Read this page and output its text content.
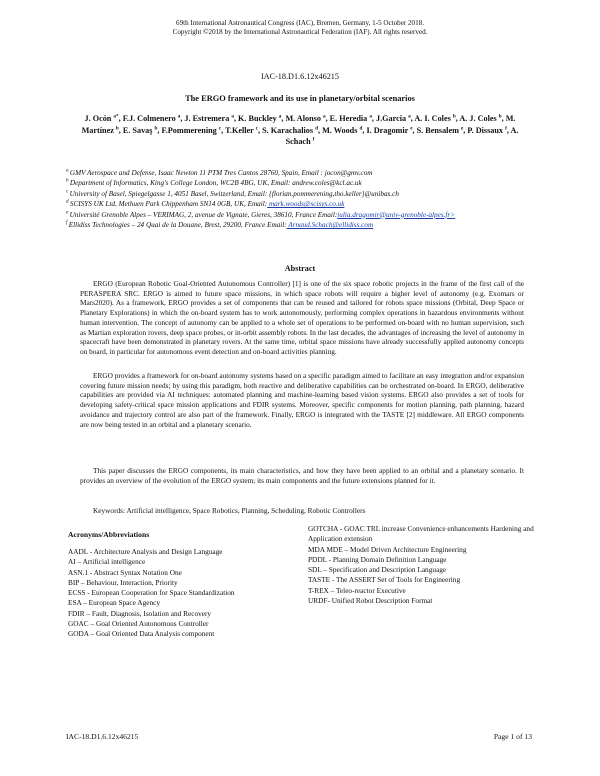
69th International Astronautical Congress (IAC), Bremen, Germany, 1-5 October 2018.
Copyright ©2018 by the International Astronautical Federation (IAF). All rights reserved.
IAC-18.D1.6.12x46215
The ERGO framework and its use in planetary/orbital scenarios
J. Ocón $^{a*}$, F.J. Colmenero $^a$, J. Estremera $^a$, K. Buckley $^a$, M. Alonso $^a$, E. Heredia $^a$, J.Garcia $^a$, A. I. Coles $^b$, A. J. Coles $^b$, M. Martínez $^b$, E. Savaş $^b$, F.Pommerening $^c$, T.Keller $^c$, S. Karachalios $^d$, M. Woods $^d$, I. Dragomir $^e$, S. Bensalem $^e$, P. Dissaux $^f$, A. Schach $^f$
$^a$ GMV Aerospace and Defense, Isaac Newton 11 PTM Tres Cantos 28760, Spain, Email : jocon@gmv.com
$^b$ Department of Informatics, King's College London, WC2B 4BG, UK, Email: andrew.coles@kcl.ac.uk
$^c$ University of Basel, Spiegelgasse 1, 4051 Basel, Switzerland, Email: {florian.pommerening,tho.keller}@unibas.ch
$^d$ SCISYS UK Ltd, Methuen Park Chippenham SN14 0GB, UK, Email: mark.woods@scisys.co.uk
$^e$ Université Grenoble Alpes – VERIMAG, 2, avenue de Vignate, Gieres, 38610, France Email:iulia.dragomir@univ-grenoble-alpes.fr>
$^f$ Ellidiss Technologies – 24 Quai de la Douane, Brest, 29200, France Email: Arnaud.Schach@ellidiss.com
Abstract

ERGO (European Robotic Goal-Oriented Autonomous Controller) [1] is one of the six space robotic projects in the frame of the first call of the PERASPERA SRC. ERGO is aimed to future space missions, in which space robots will require a higher level of autonomy (e.g. Exomars or Mars2020). As a framework, ERGO provides a set of components that can be reused and tailored for robots space missions (Orbital, Deep Space or Planetary Explorations) in which the on-board system has to work autonomously, performing complex operations in hazardous environments without human intervention. The concept of autonomy can be applied to a whole set of operations to be performed on-board with no human supervision, such as Martian exploration rovers, deep space probes, or in-orbit assembly robots. In the last decades, the advantages of increasing the level of autonomy in spacecraft have been demonstrated in planetary rovers. At the same time, orbital space missions have already successfully applied autonomy concepts on board, in particular for autonomous event detection and on-board activities planning.

ERGO provides a framework for on-board autonomy systems based on a specific paradigm aimed to facilitate an easy integration and/or expansion covering future mission needs; by using this paradigm, both reactive and deliberative capabilities can be orchestrated on-board. In ERGO, deliberative capabilities are provided via AI techniques: automated planning and machine-learning based vision systems. ERGO also provides a set of tools for developing safety-critical space mission applications and FDIR systems. Moreover, specific components for motion planning, path planning, hazard avoidance and trajectory control are also part of the framework. Finally, ERGO is integrated with the TASTE [2] middleware. All ERGO components are now being tested in an orbital and a planetary scenario.

This paper discusses the ERGO components, its main characteristics, and how they have been applied to an orbital and a planetary scenario. It provides an overview of the evolution of the ERGO system; its main components and the future extensions planned for it.

Keywords: Artificial intelligence, Space Robotics, Planning, Scheduling, Robotic Controllers
Acronyms/Abbreviations
AADL - Architecture Analysis and Design Language
AI – Artificial intelligence
ASN.1 - Abstract Syntax Notation One
BIP – Behaviour, Interaction, Priority
ECSS - European Cooperation for Space Standardization
ESA – European Space Agency
FDIR – Fault, Diagnosis, Isolation and Recovery
GOAC – Goal Oriented Autonomous Controller
GODA – Goal Oriented Data Analysis component
GOTCHA - GOAC TRL increase Convenience enhancements Hardening and Application extension
MDA MDE – Model Driven Architecture Engineering
PDDL - Planning Domain Definition Language
SDL – Specification and Description Language
TASTE - The ASSERT Set of Tools for Engineering
T-REX – Teleo-reactor Executive
URDF- Unified Robot Description Format
IAC-18.D1.6.12x46215	Page 1 of 13
